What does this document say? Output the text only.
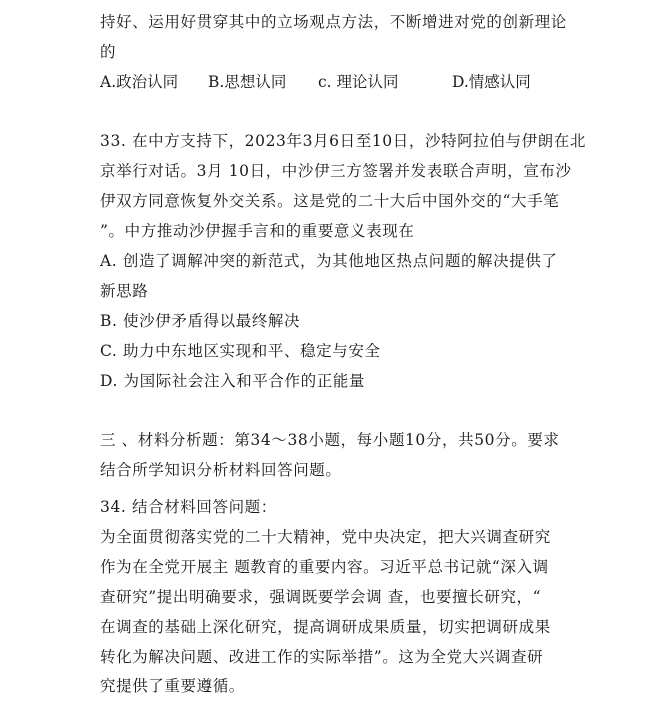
持好、运用好贯穿其中的立场观点方法，不断增进对党的创新理论
的
A.政治认同 B.思想认同 c. 理论认同	D.情感认同
33. 在中方支持下，2023年3月6日至10日，沙特阿拉伯与伊朗在北
京举行对话。3月 10日，中沙伊三方签署并发表联合声明，宣布沙
伊双方同意恢复外交关系。这是党的二十大后中国外交的“大手笔
”。中方推动沙伊握手言和的重要意义表现在
A. 创造了调解冲突的新范式，为其他地区热点问题的解决提供了
新思路
B. 使沙伊矛盾得以最终解决
C. 助力中东地区实现和平、稳定与安全
D. 为国际社会注入和平合作的正能量
三 、材料分析题：第34～38小题，每小题10分，共50分。要求
结合所学知识分析材料回答问题。
34. 结合材料回答问题：
为全面贯彻落实党的二十大精神，党中央决定，把大兴调查研究
作为在全党开展主 题教育的重要内容。习近平总书记就“深入调
查研究”提出明确要求，强调既要学会调 查，也要擅长研究，“
在调查的基础上深化研究，提高调研成果质量，切实把调研成果
转化为解决问题、改进工作的实际举措”。这为全党大兴调查研
究提供了重要遵循。
